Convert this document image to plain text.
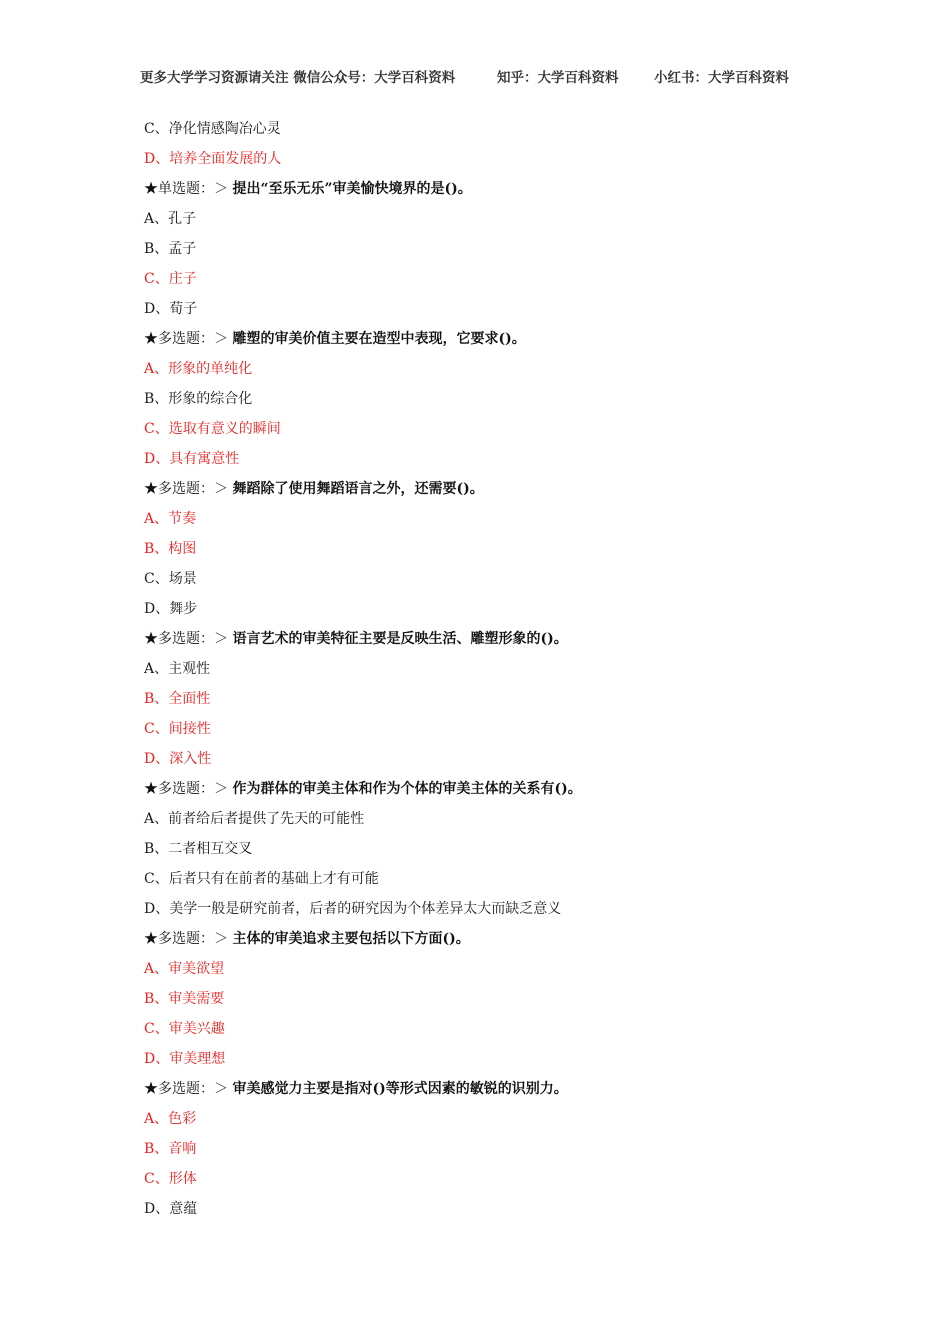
更多大学学习资源请关注 微信公众号：大学百科资料	知乎：大学百科资料	小红书：大学百科资料
C、净化情感陶冶心灵
D、培养全面发展的人
★单选题：＞ 提出“至乐无乐”审美愉快境界的是()。
A、孔子
B、孟子
C、庄子
D、荀子
★多选题：＞ 雕塑的审美价值主要在造型中表现，它要求()。
A、形象的单纯化
B、形象的综合化
C、选取有意义的瞬间
D、具有寓意性
★多选题：＞ 舞蹈除了使用舞蹈语言之外，还需要()。
A、节奏
B、构图
C、场景
D、舞步
★多选题：＞ 语言艺术的审美特征主要是反映生活、雕塑形象的()。
A、主观性
B、全面性
C、间接性
D、深入性
★多选题：＞ 作为群体的审美主体和作为个体的审美主体的关系有()。
A、前者给后者提供了先天的可能性
B、二者相互交叉
C、后者只有在前者的基础上才有可能
D、美学一般是研究前者，后者的研究因为个体差异太大而缺乏意义
★多选题：＞ 主体的审美追求主要包括以下方面()。
A、审美欲望
B、审美需要
C、审美兴趣
D、审美理想
★多选题：＞ 审美感觉力主要是指对()等形式因素的敏锐的识别力。
A、色彩
B、音响
C、形体
D、意蕴
